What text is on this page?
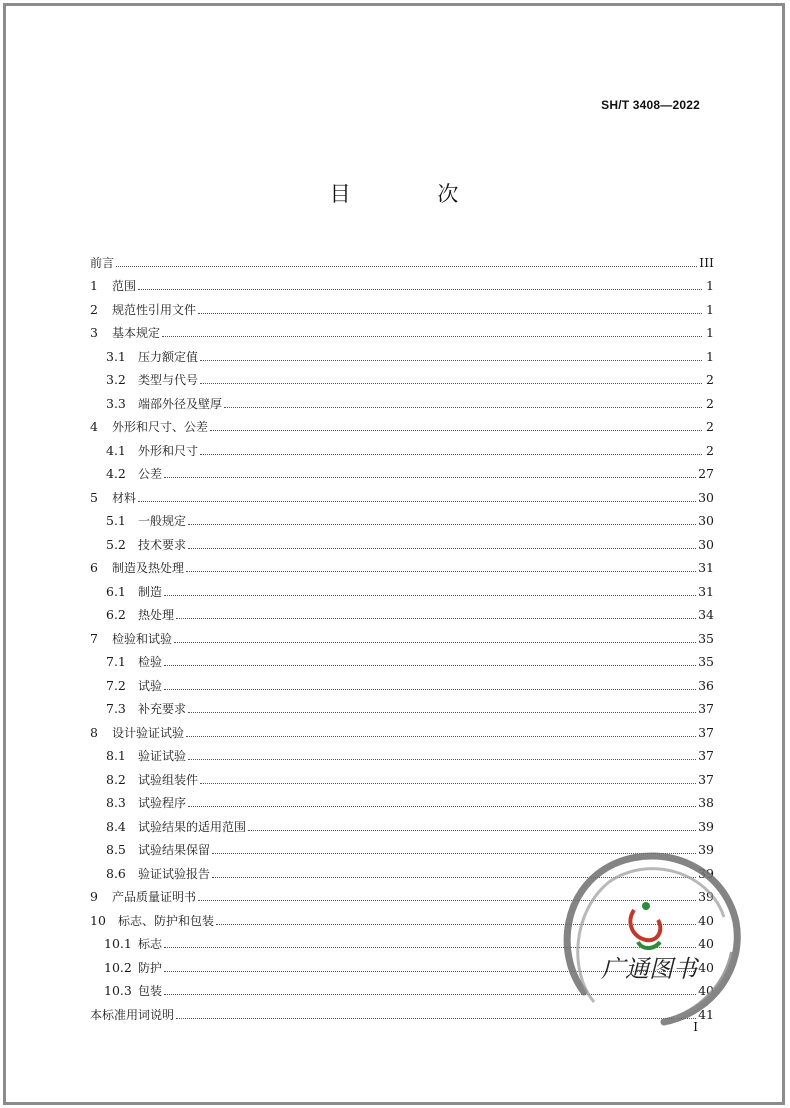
SH/T 3408—2022
目 次
前言	III
1	范围	1
2	规范性引用文件	1
3	基本规定	1
3.1	压力额定值	1
3.2	类型与代号	2
3.3	端部外径及壁厚	2
4	外形和尺寸、公差	2
4.1	外形和尺寸	2
4.2	公差	27
5	材料	30
5.1	一般规定	30
5.2	技术要求	30
6	制造及热处理	31
6.1	制造	31
6.2	热处理	34
7	检验和试验	35
7.1	检验	35
7.2	试验	36
7.3	补充要求	37
8	设计验证试验	37
8.1	验证试验	37
8.2	试验组装件	37
8.3	试验程序	38
8.4	试验结果的适用范围	39
8.5	试验结果保留	39
8.6	验证试验报告	39
9	产品质量证明书	39
10	标志、防护和包装	40
10.1 标志	40
10.2 防护	40
10.3 包装	40
本标准用词说明	41
I
广通图书
